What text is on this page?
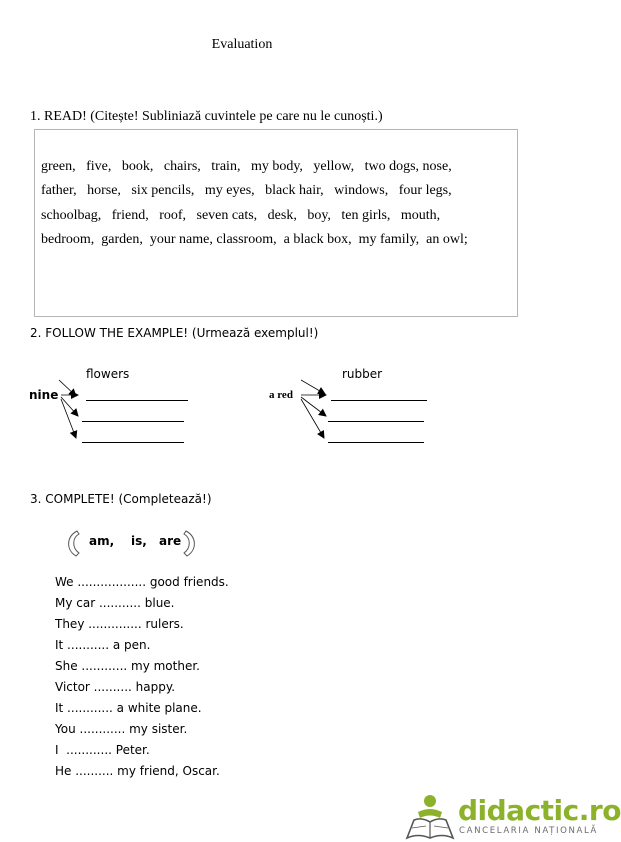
Evaluation
1. READ! (Citește! Subliniază cuvintele pe care nu le cunoști.)
green,   five,   book,   chairs,   train,   my body,   yellow,   two dogs, nose,
father,   horse,   six pencils,   my eyes,   black hair,   windows,   four legs,
schoolbag,   friend,   roof,   seven cats,   desk,   boy,   ten girls,   mouth,
bedroom,  garden,  your name, classroom,  a black box,  my family,  an owl;
2. FOLLOW THE EXAMPLE! (Urmează exemplul!)
flowers
nine
rubber
a red
3. COMPLETE! (Completează!)
am, is, are
We .................. good friends.
My car ........... blue.
They .............. rulers.
It ........... a pen.
She ............ my mother.
Victor .......... happy.
It ............ a white plane.
You ............ my sister.
I  ............ Peter.
He .......... my friend, Oscar.
didactic.ro
CANCELARIA NAȚIONALĂ
